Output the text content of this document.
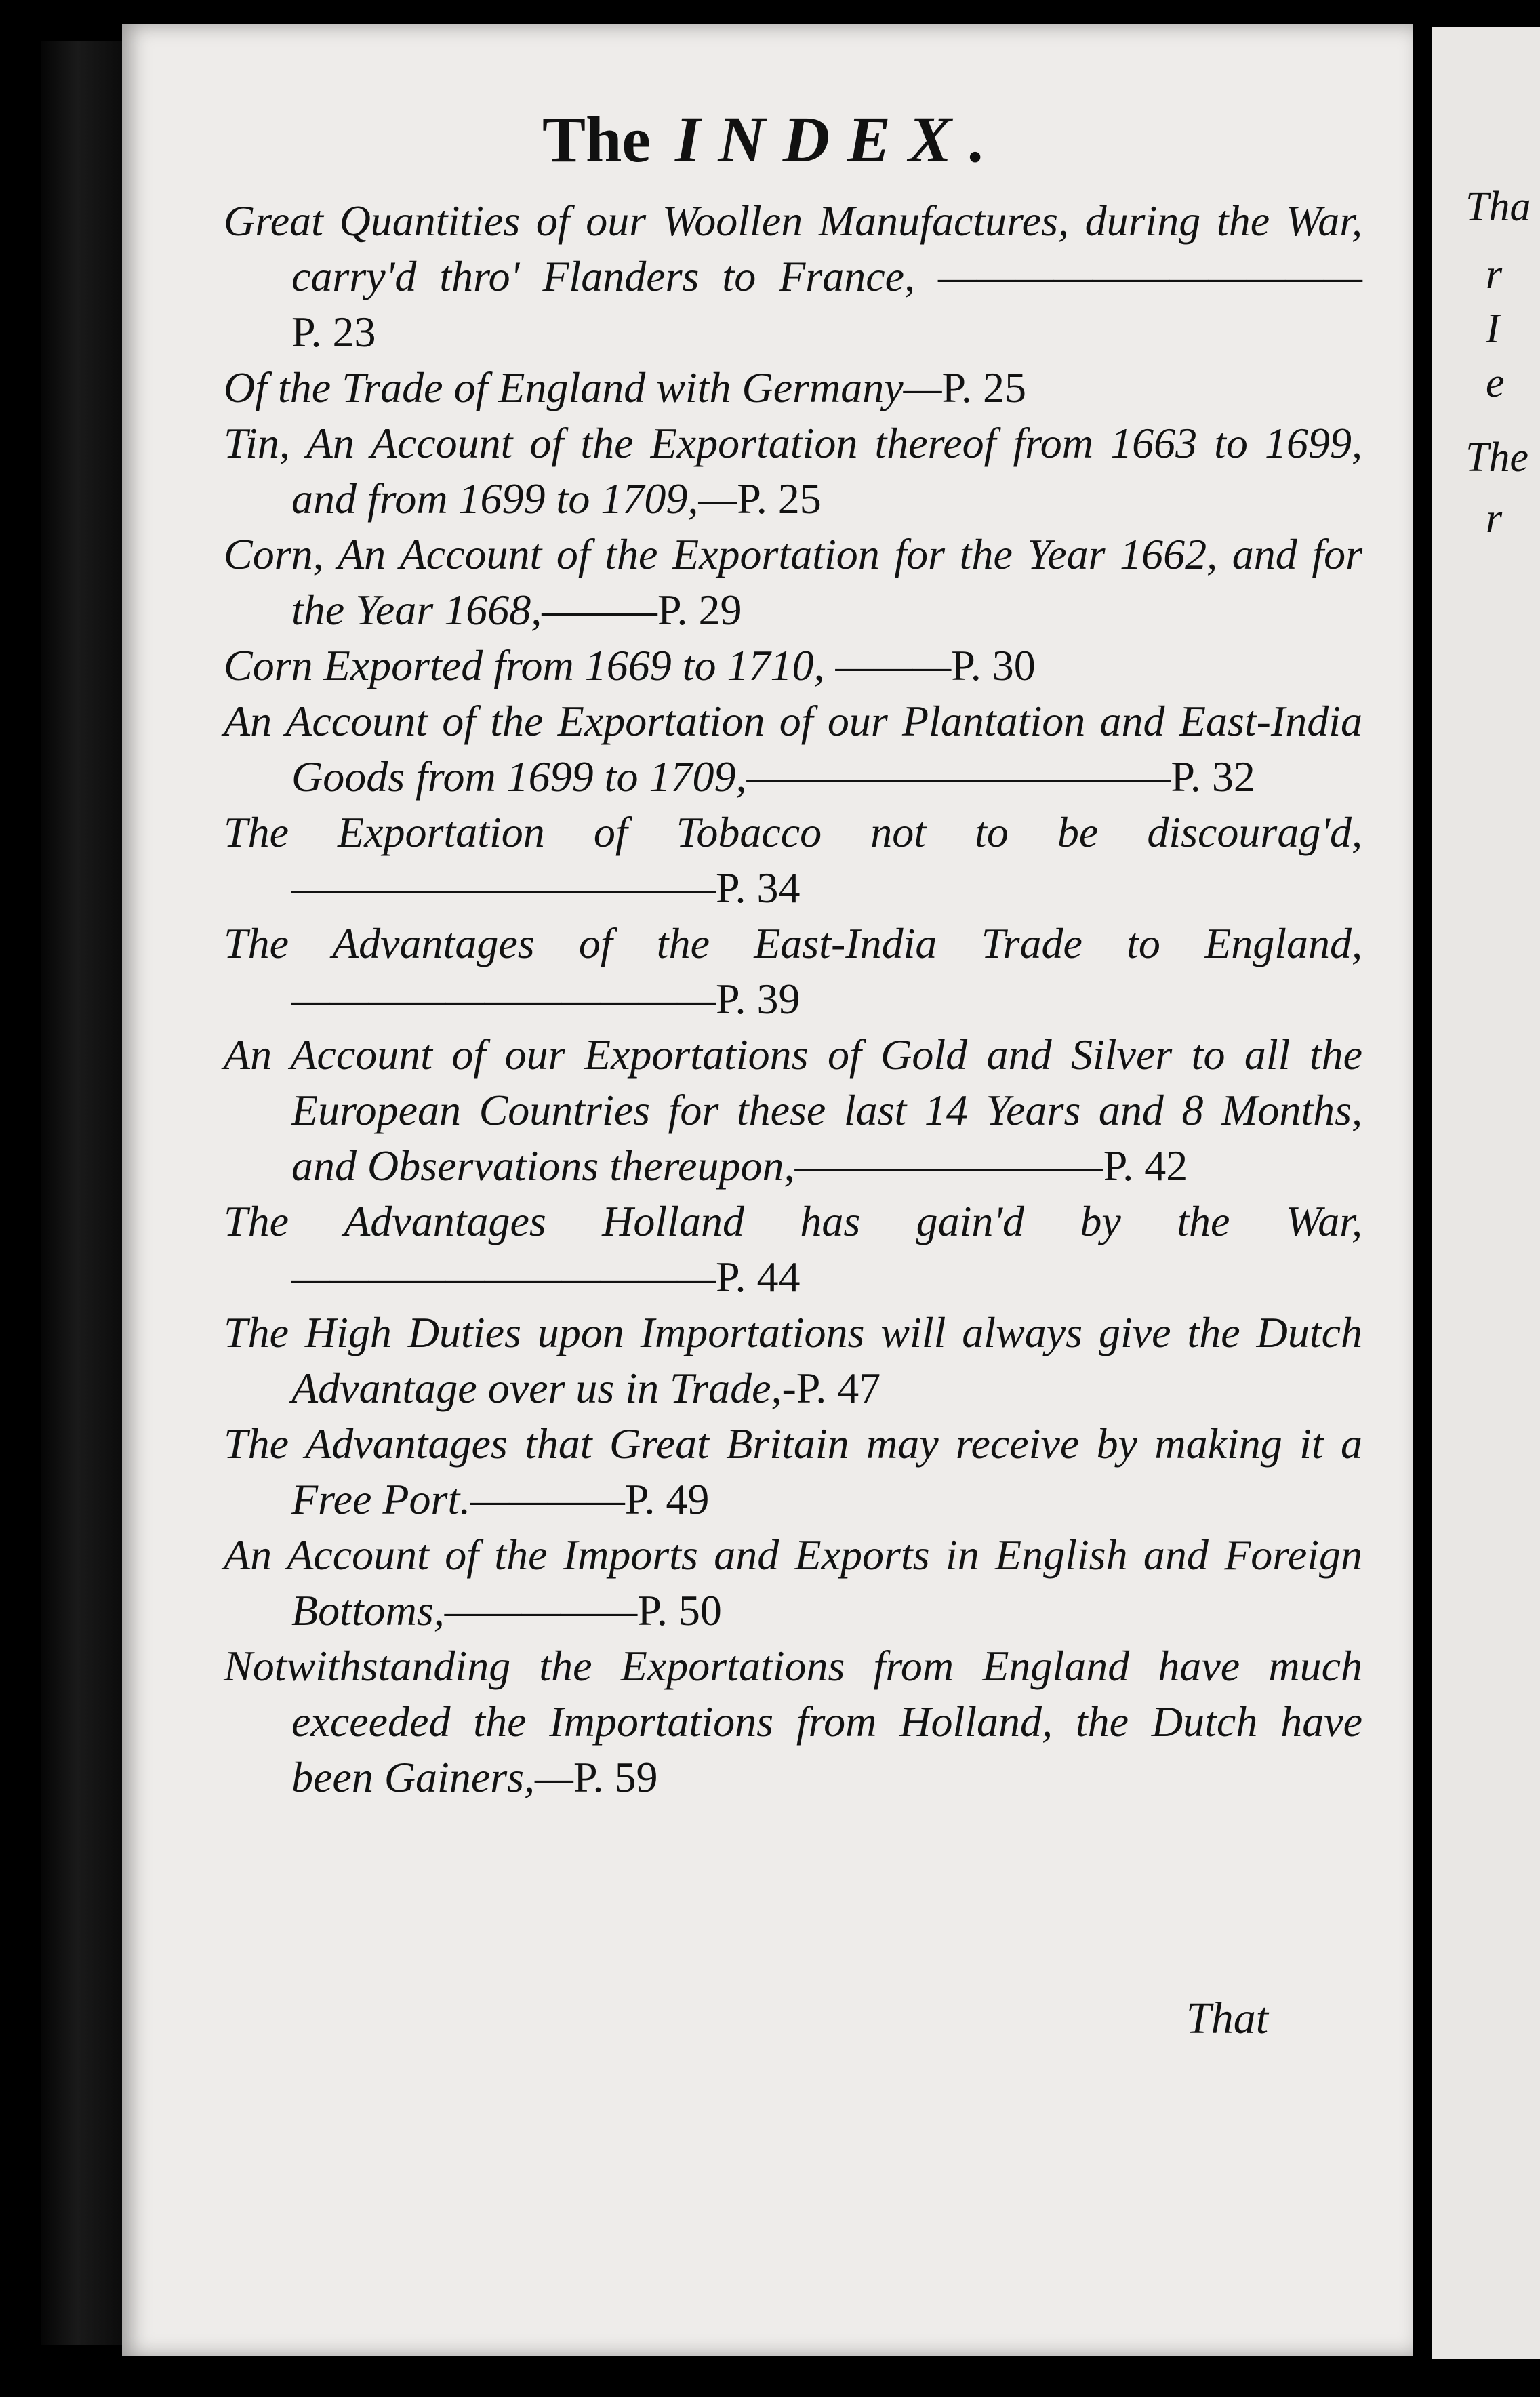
Tha
r
I
e
The
r
The INDEX.
Great Quantities of our Woollen Manufactures, during the War, carry'd thro' Flanders to France, ———————————P. 23
Of the Trade of England with Germany—P. 25
Tin, An Account of the Exportation thereof from 1663 to 1699, and from 1699 to 1709,—P. 25
Corn, An Account of the Exportation for the Year 1662, and for the Year 1668,———P. 29
Corn Exported from 1669 to 1710, ———P. 30
An Account of the Exportation of our Plantation and East-India Goods from 1699 to 1709,———————————P. 32
The Exportation of Tobacco not to be discourag'd, ———————————P. 34
The Advantages of the East-India Trade to England,———————————P. 39
An Account of our Exportations of Gold and Silver to all the European Countries for these last 14 Years and 8 Months, and Observations thereupon,————————P. 42
The Advantages Holland has gain'd by the War,———————————P. 44
The High Duties upon Importations will always give the Dutch Advantage over us in Trade,-P. 47
The Advantages that Great Britain may receive by making it a Free Port.————P. 49
An Account of the Imports and Exports in English and Foreign Bottoms,—————P. 50
Notwithstanding the Exportations from England have much exceeded the Importations from Holland, the Dutch have been Gainers,—P. 59
That
